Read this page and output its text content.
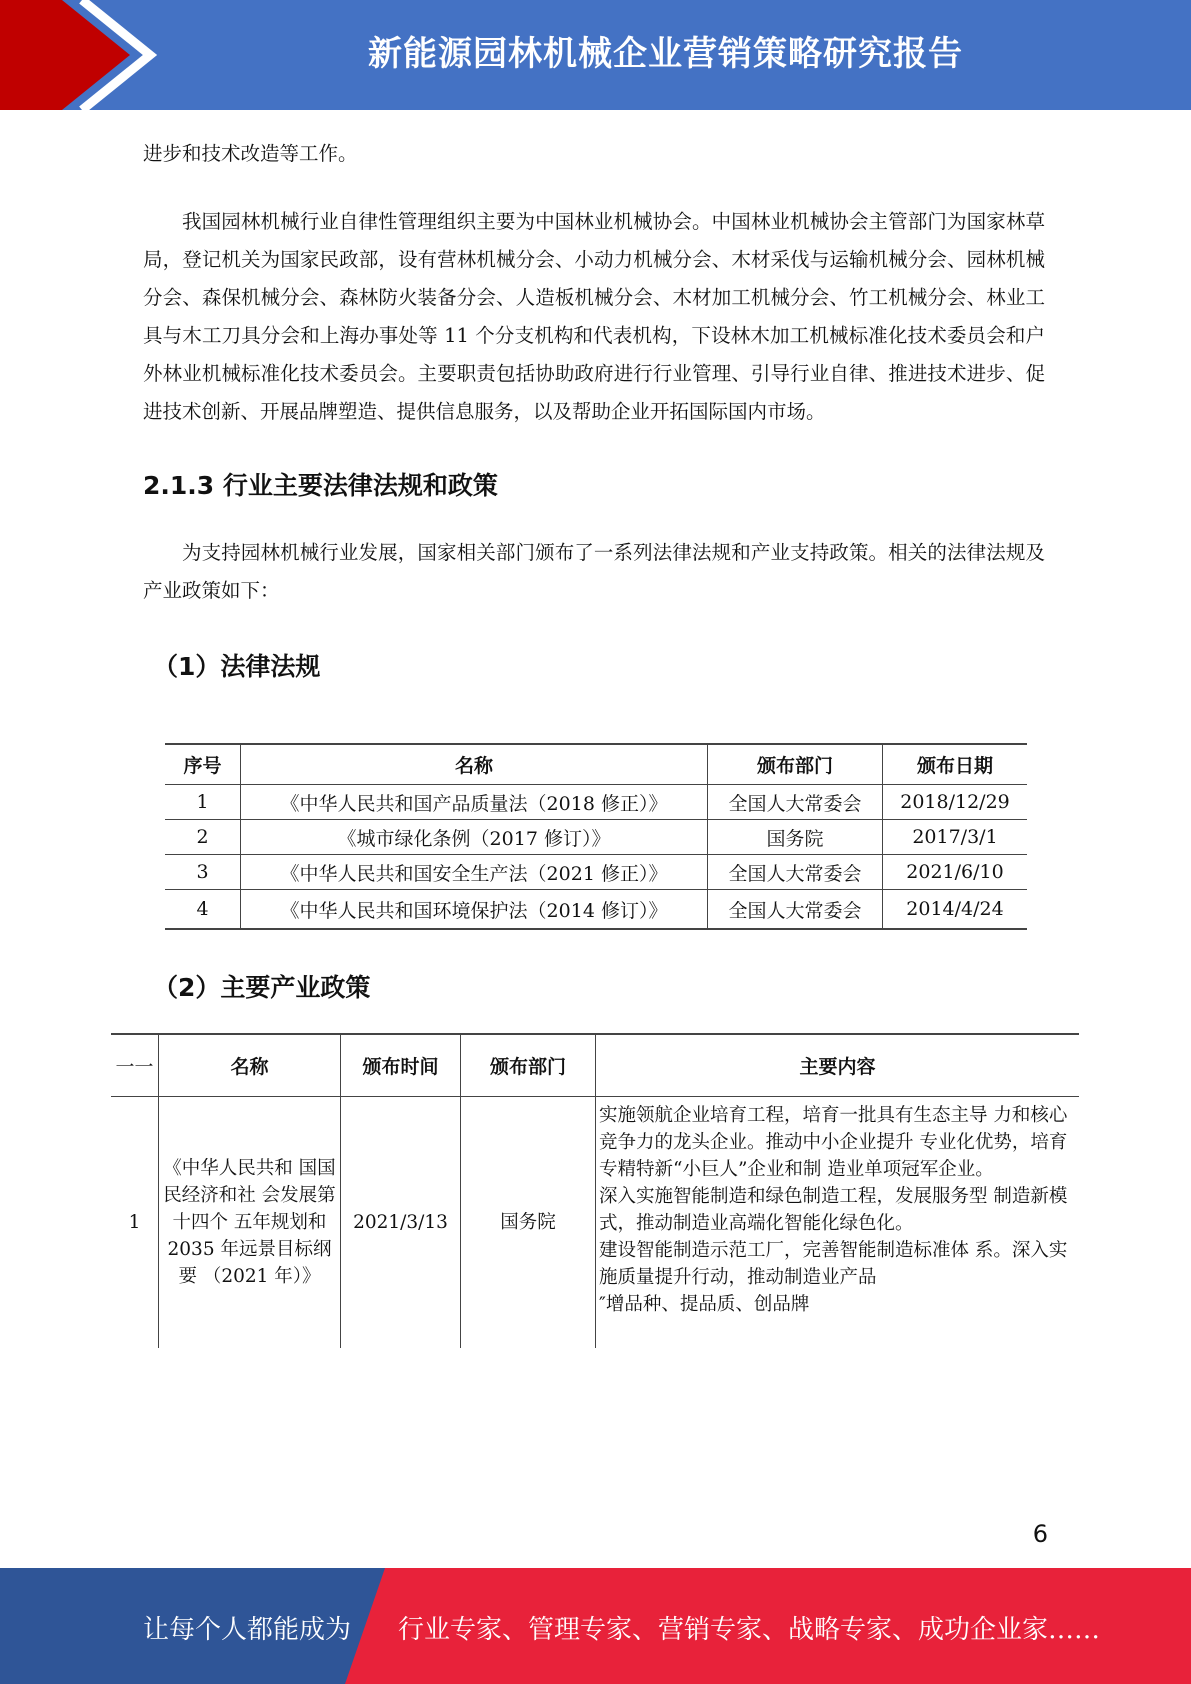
新能源园林机械企业营销策略研究报告

进步和技术改造等工作。

我国园林机械行业自律性管理组织主要为中国林业机械协会。中国林业机械协会主管部门为国家林草局，登记机关为国家民政部，设有营林机械分会、小动力机械分会、木材采伐与运输机械分会、园林机械分会、森保机械分会、森林防火装备分会、人造板机械分会、木材加工机械分会、竹工机械分会、林业工具与木工刀具分会和上海办事处等 11 个分支机构和代表机构，下设林木加工机械标准化技术委员会和户外林业机械标准化技术委员会。主要职责包括协助政府进行行业管理、引导行业自律、推进技术进步、促进技术创新、开展品牌塑造、提供信息服务，以及帮助企业开拓国际国内市场。

2.1.3 行业主要法律法规和政策

为支持园林机械行业发展，国家相关部门颁布了一系列法律法规和产业支持政策。相关的法律法规及产业政策如下：

（1）法律法规
序号	名称	颁布部门	颁布日期
1	《中华人民共和国产品质量法（2018 修正）》	全国人大常委会	2018/12/29
2	《城市绿化条例（2017 修订）》	国务院	2017/3/1
3	《中华人民共和国安全生产法（2021 修正）》	全国人大常委会	2021/6/10
4	《中华人民共和国环境保护法（2014 修订）》	全国人大常委会	2014/4/24
（2）主要产业政策
一一	名称	颁布时间	颁布部门	主要内容
1	《中华人民共和 国国民经济和社 会发展第十四个 五年规划和 2035 年远景目标纲要 （2021 年）》	2021/3/13	国务院	实施领航企业培育工程，培育一批具有生态主导 力和核心竞争力的龙头企业。推动中小企业提升 专业化优势，培育专精特新“小巨人”企业和制 造业单项冠军企业。
深入实施智能制造和绿色制造工程，发展服务型 制造新模式，推动制造业高端化智能化绿色化。
建设智能制造示范工厂，完善智能制造标准体 系。深入实施质量提升行动，推动制造业产品
″增品种、提品质、创品牌
6
让每个人都能成为 行业专家、管理专家、营销专家、战略专家、成功企业家……
